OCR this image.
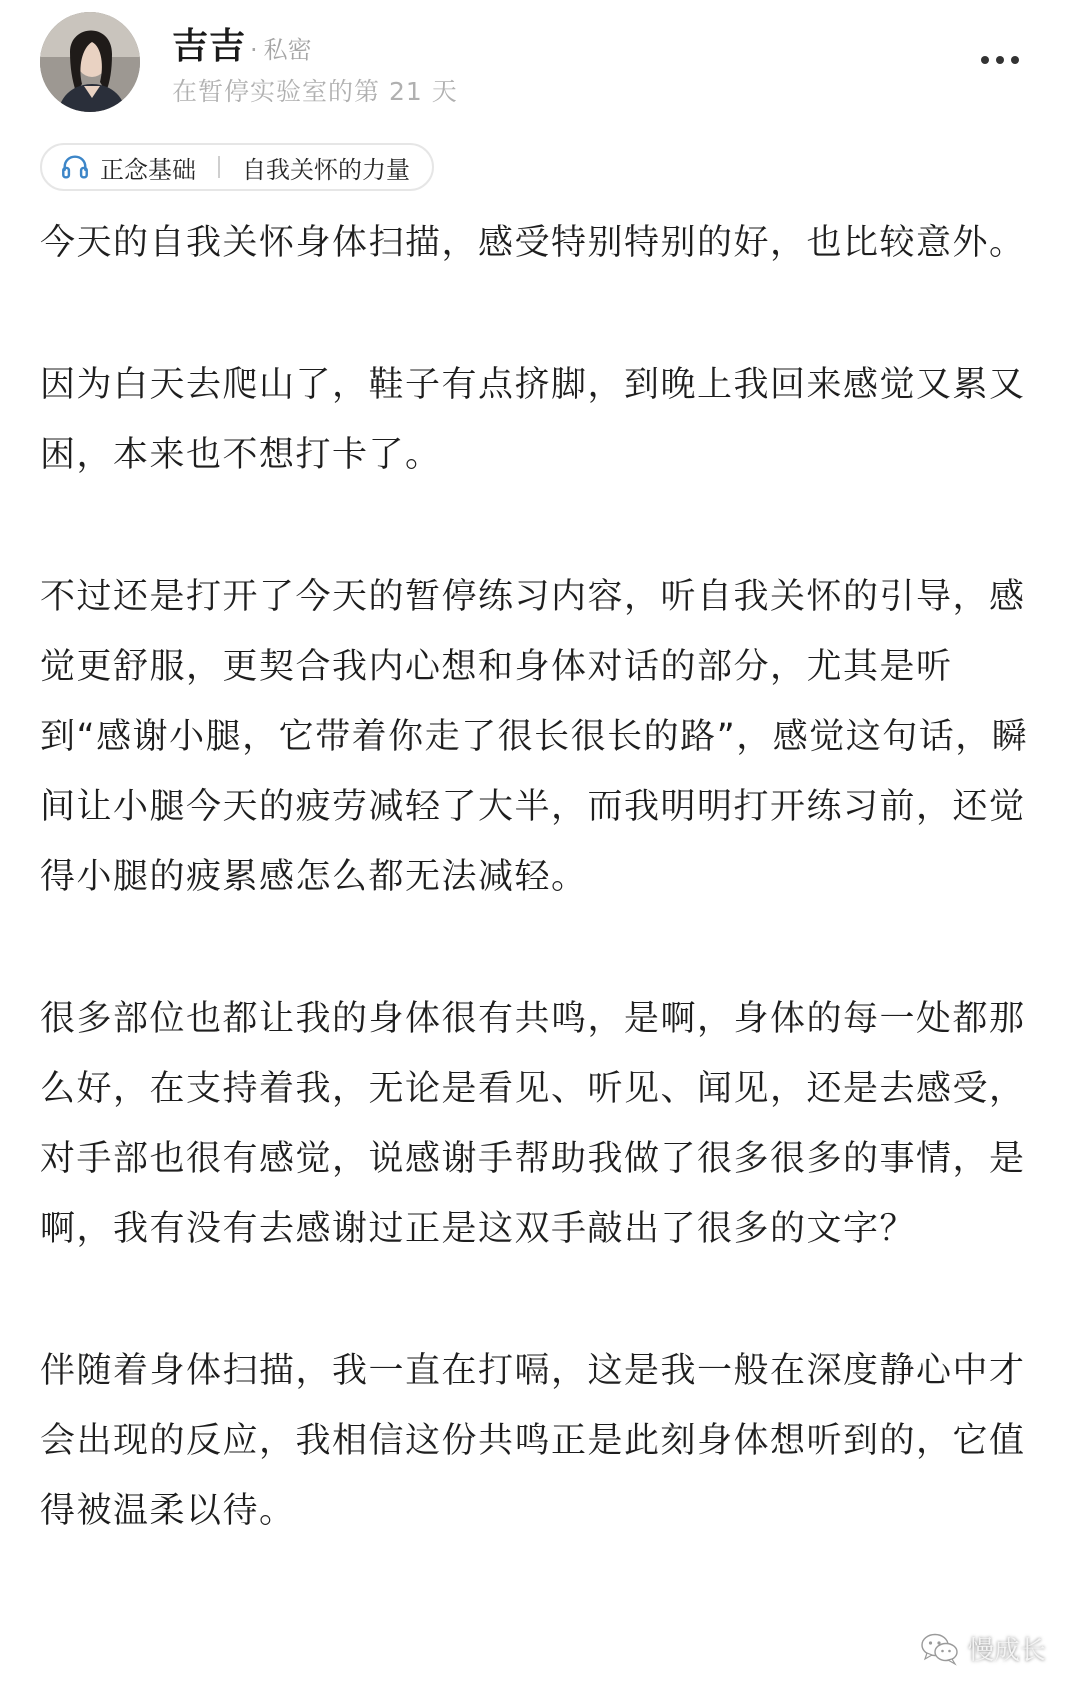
吉吉 · 私密
在暂停实验室的第 21 天
正念基础 自我关怀的力量

今天的自我关怀身体扫描，感受特别特别的好，也比较意外。

因为白天去爬山了，鞋子有点挤脚，到晚上我回来感觉又累又困，本来也不想打卡了。

不过还是打开了今天的暂停练习内容，听自我关怀的引导，感觉更舒服，更契合我内心想和身体对话的部分，尤其是听到“感谢小腿，它带着你走了很长很长的路”，感觉这句话，瞬间让小腿今天的疲劳减轻了大半，而我明明打开练习前，还觉得小腿的疲累感怎么都无法减轻。

很多部位也都让我的身体很有共鸣，是啊，身体的每一处都那么好，在支持着我，无论是看见、听见、闻见，还是去感受，对手部也很有感觉，说感谢手帮助我做了很多很多的事情，是啊，我有没有去感谢过正是这双手敲出了很多的文字？

伴随着身体扫描，我一直在打嗝，这是我一般在深度静心中才会出现的反应，我相信这份共鸣正是此刻身体想听到的，它值得被温柔以待。

慢成长
